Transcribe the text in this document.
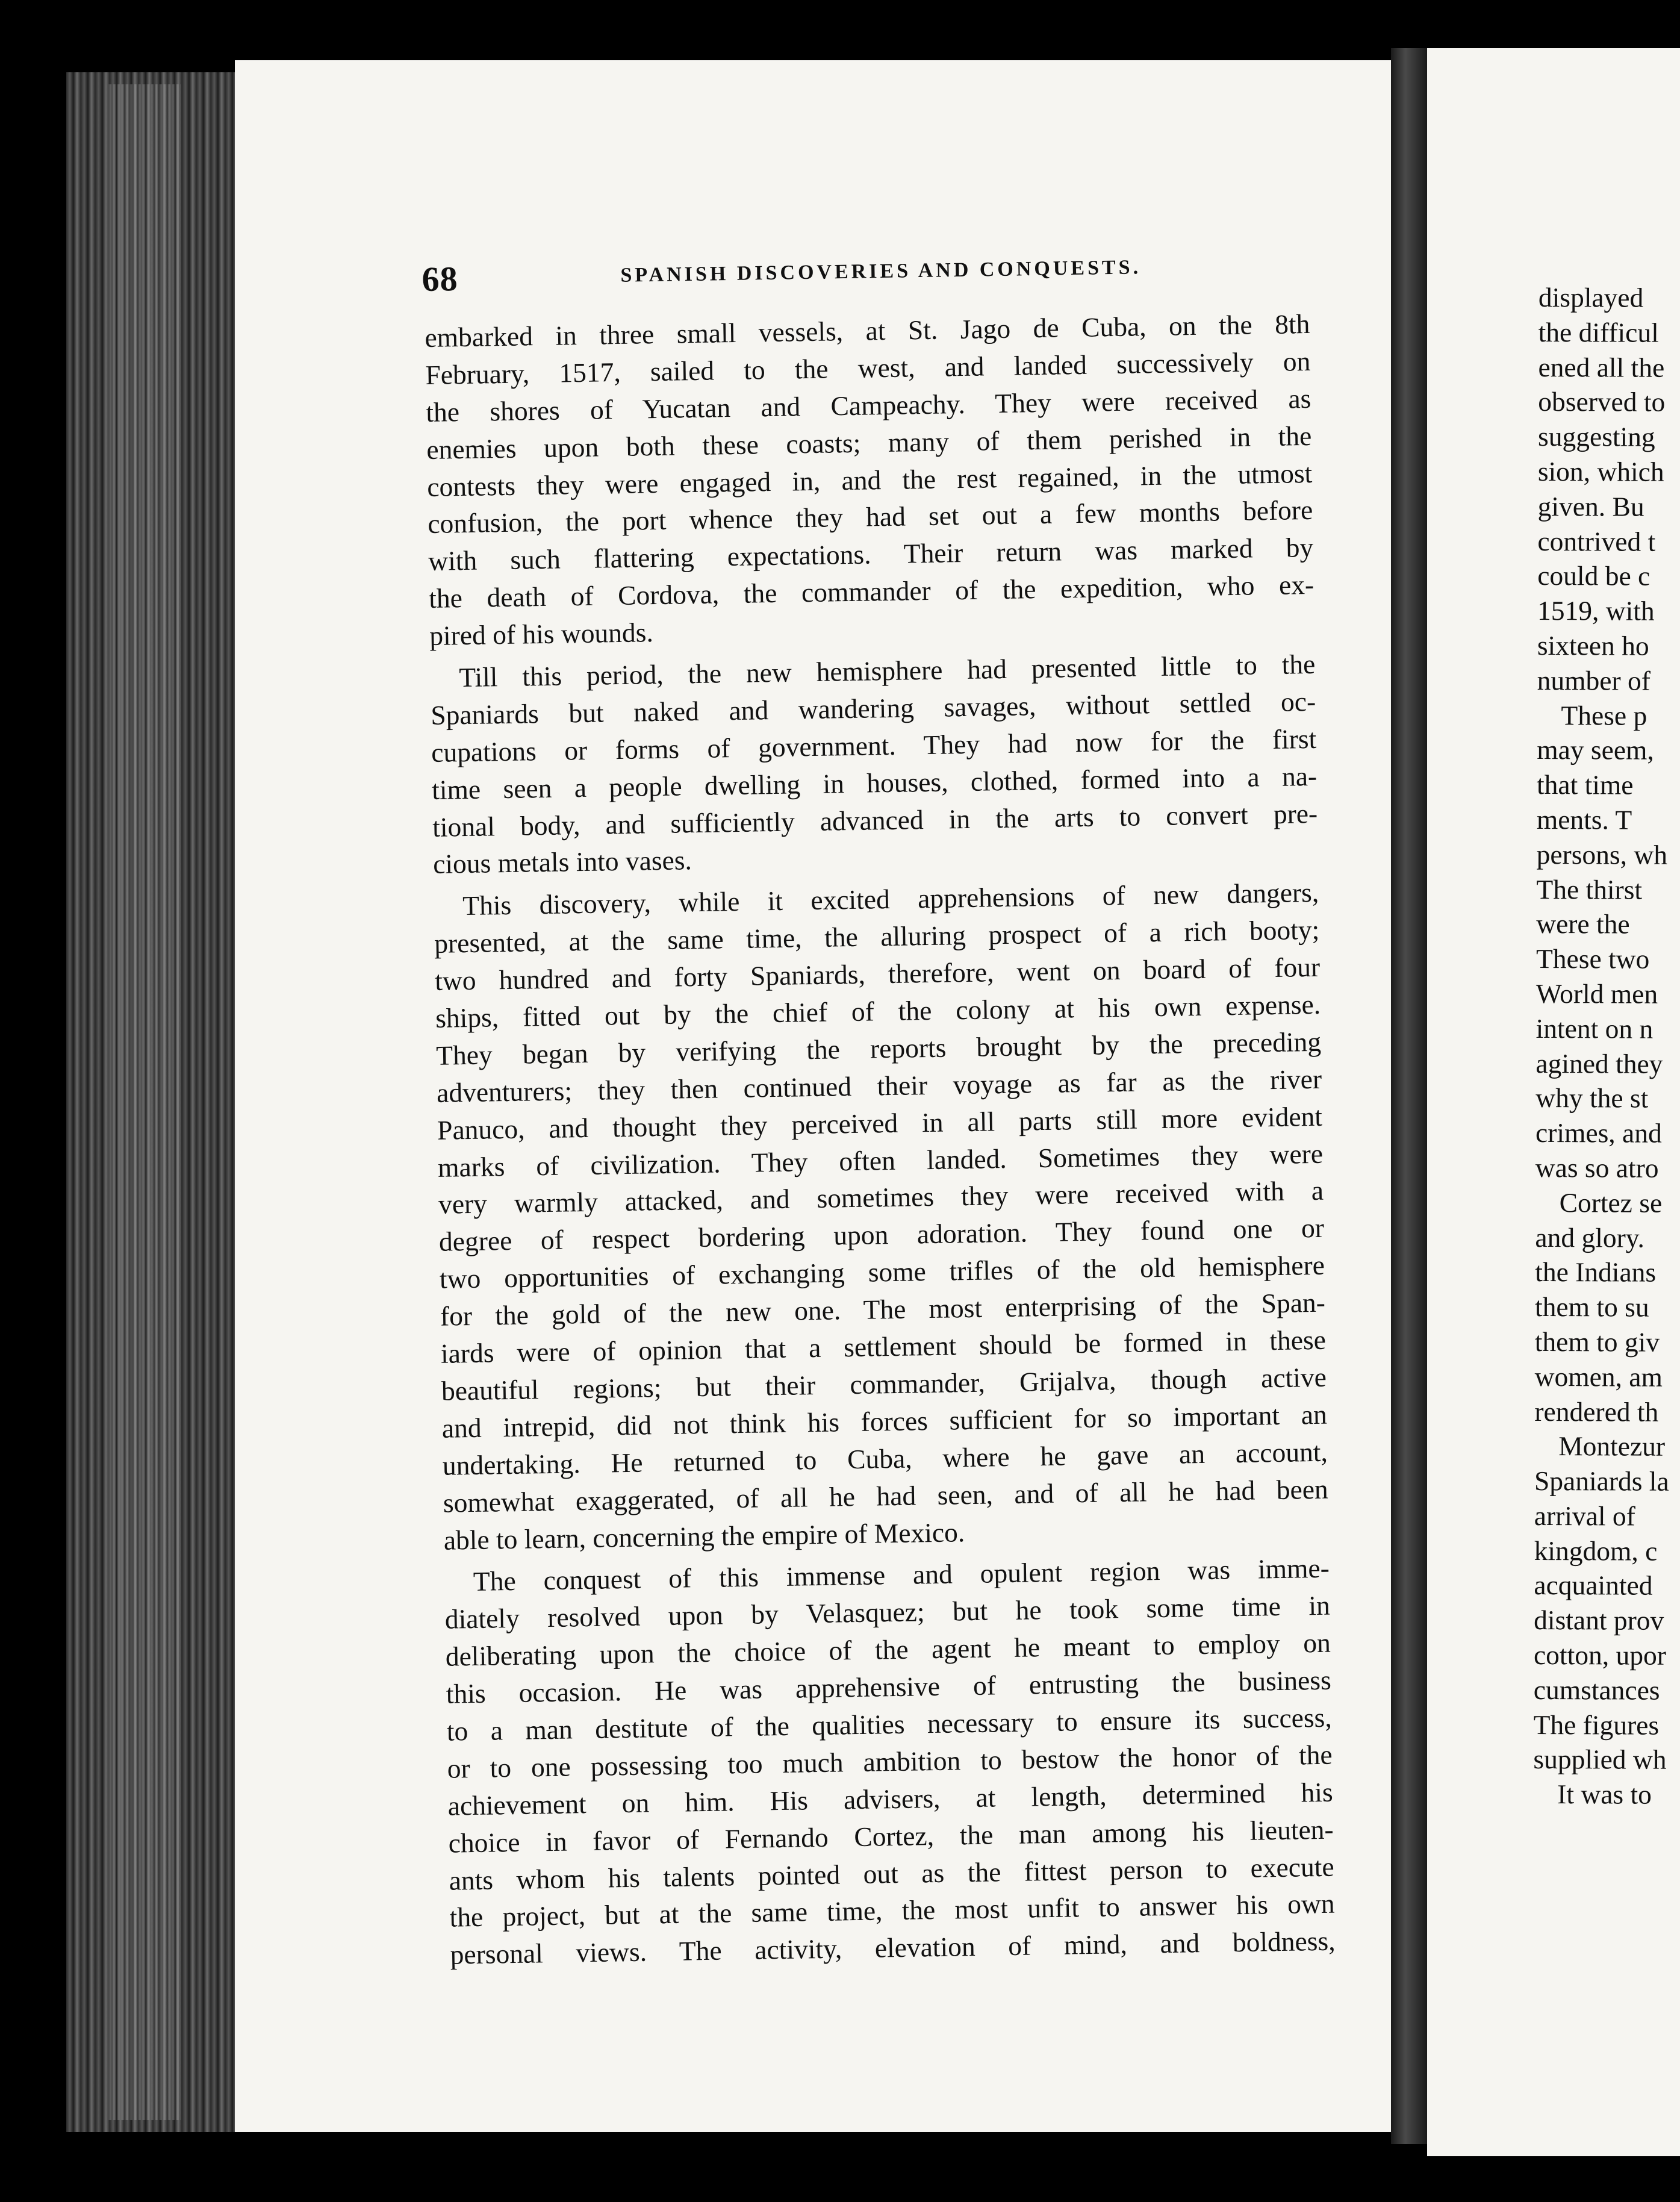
68	SPANISH DISCOVERIES AND CONQUESTS.
embarked in three small vessels, at St. Jago de Cuba, on the 8th
February, 1517, sailed to the west, and landed successively on
the shores of Yucatan and Campeachy. They were received as
enemies upon both these coasts; many of them perished in the
contests they were engaged in, and the rest regained, in the utmost
confusion, the port whence they had set out a few months before
with such flattering expectations. Their return was marked by
the death of Cordova, the commander of the expedition, who ex-
pired of his wounds.
Till this period, the new hemisphere had presented little to the
Spaniards but naked and wandering savages, without settled oc-
cupations or forms of government. They had now for the first
time seen a people dwelling in houses, clothed, formed into a na-
tional body, and sufficiently advanced in the arts to convert pre-
cious metals into vases.
This discovery, while it excited apprehensions of new dangers,
presented, at the same time, the alluring prospect of a rich booty;
two hundred and forty Spaniards, therefore, went on board of four
ships, fitted out by the chief of the colony at his own expense.
They began by verifying the reports brought by the preceding
adventurers; they then continued their voyage as far as the river
Panuco, and thought they perceived in all parts still more evident
marks of civilization. They often landed. Sometimes they were
very warmly attacked, and sometimes they were received with a
degree of respect bordering upon adoration. They found one or
two opportunities of exchanging some trifles of the old hemisphere
for the gold of the new one. The most enterprising of the Span-
iards were of opinion that a settlement should be formed in these
beautiful regions; but their commander, Grijalva, though active
and intrepid, did not think his forces sufficient for so important an
undertaking. He returned to Cuba, where he gave an account,
somewhat exaggerated, of all he had seen, and of all he had been
able to learn, concerning the empire of Mexico.
The conquest of this immense and opulent region was imme-
diately resolved upon by Velasquez; but he took some time in
deliberating upon the choice of the agent he meant to employ on
this occasion. He was apprehensive of entrusting the business
to a man destitute of the qualities necessary to ensure its success,
or to one possessing too much ambition to bestow the honor of the
achievement on him. His advisers, at length, determined his
choice in favor of Fernando Cortez, the man among his lieuten-
ants whom his talents pointed out as the fittest person to execute
the project, but at the same time, the most unfit to answer his own
personal views. The activity, elevation of mind, and boldness,
displayed
the difficul
ened all the
observed to
suggesting
sion, which
given. Bu
contrived t
could be c
1519, with
sixteen ho
number of
These p
may seem,
that time
ments. T
persons, wh
The thirst
were the
These two
World men
intent on n
agined they
why the st
crimes, and
was so atro
Cortez se
and glory.
the Indians
them to su
them to giv
women, am
rendered th
Montezur
Spaniards la
arrival of
kingdom, c
acquainted
distant prov
cotton, upor
cumstances
The figures
supplied wh
It was to
